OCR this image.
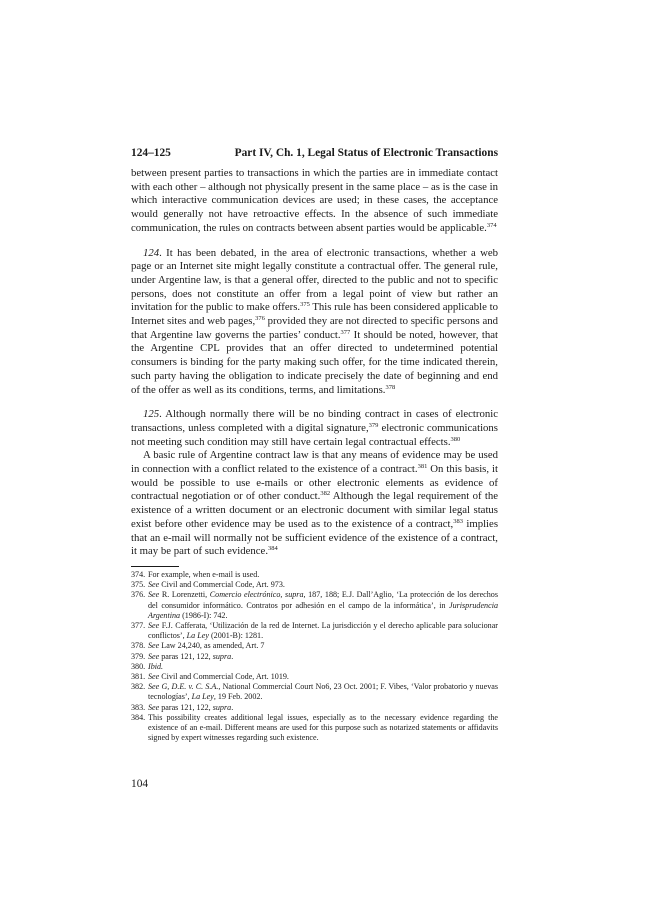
124–125	Part IV, Ch. 1, Legal Status of Electronic Transactions

between present parties to transactions in which the parties are in immediate contact with each other – although not physically present in the same place – as is the case in which interactive communication devices are used; in these cases, the acceptance would generally not have retroactive effects. In the absence of such immediate communication, the rules on contracts between absent parties would be applicable.$^{374}$

124. It has been debated, in the area of electronic transactions, whether a web page or an Internet site might legally constitute a contractual offer. The general rule, under Argentine law, is that a general offer, directed to the public and not to specific persons, does not constitute an offer from a legal point of view but rather an invitation for the public to make offers.$^{375}$ This rule has been considered applicable to Internet sites and web pages,$^{376}$ provided they are not directed to specific persons and that Argentine law governs the parties’ conduct.$^{377}$ It should be noted, however, that the Argentine CPL provides that an offer directed to undetermined potential consumers is binding for the party making such offer, for the time indicated therein, such party having the obligation to indicate precisely the date of beginning and end of the offer as well as its conditions, terms, and limitations.$^{378}$

125. Although normally there will be no binding contract in cases of electronic transactions, unless completed with a digital signature,$^{379}$ electronic communications not meeting such condition may still have certain legal contractual effects.$^{380}$

A basic rule of Argentine contract law is that any means of evidence may be used in connection with a conflict related to the existence of a contract.$^{381}$ On this basis, it would be possible to use e-mails or other electronic elements as evidence of contractual negotiation or of other conduct.$^{382}$ Although the legal requirement of the existence of a written document or an electronic document with similar legal status exist before other evidence may be used as to the existence of a contract,$^{383}$ implies that an e-mail will normally not be sufficient evidence of the existence of a contract, it may be part of such evidence.$^{384}$

374. For example, when e-mail is used.
375. See Civil and Commercial Code, Art. 973.
376. See R. Lorenzetti, Comercio electrónico, supra, 187, 188; E.J. Dall’Aglio, ‘La protección de los derechos del consumidor informático. Contratos por adhesión en el campo de la informática’, in Jurisprudencia Argentina (1986-I): 742.
377. See F.J. Cafferata, ‘Utilización de la red de Internet. La jurisdicción y el derecho aplicable para solucionar conflictos’, La Ley (2001-B): 1281.
378. See Law 24,240, as amended, Art. 7
379. See paras 121, 122, supra.
380. Ibid.
381. See Civil and Commercial Code, Art. 1019.
382. See G, D.E. v. C. S.A., National Commercial Court No6, 23 Oct. 2001; F. Vibes, ‘Valor probatorio y nuevas tecnologías’, La Ley, 19 Feb. 2002.
383. See paras 121, 122, supra.
384. This possibility creates additional legal issues, especially as to the necessary evidence regarding the existence of an e-mail. Different means are used for this purpose such as notarized statements or affidavits signed by expert witnesses regarding such existence.
104
